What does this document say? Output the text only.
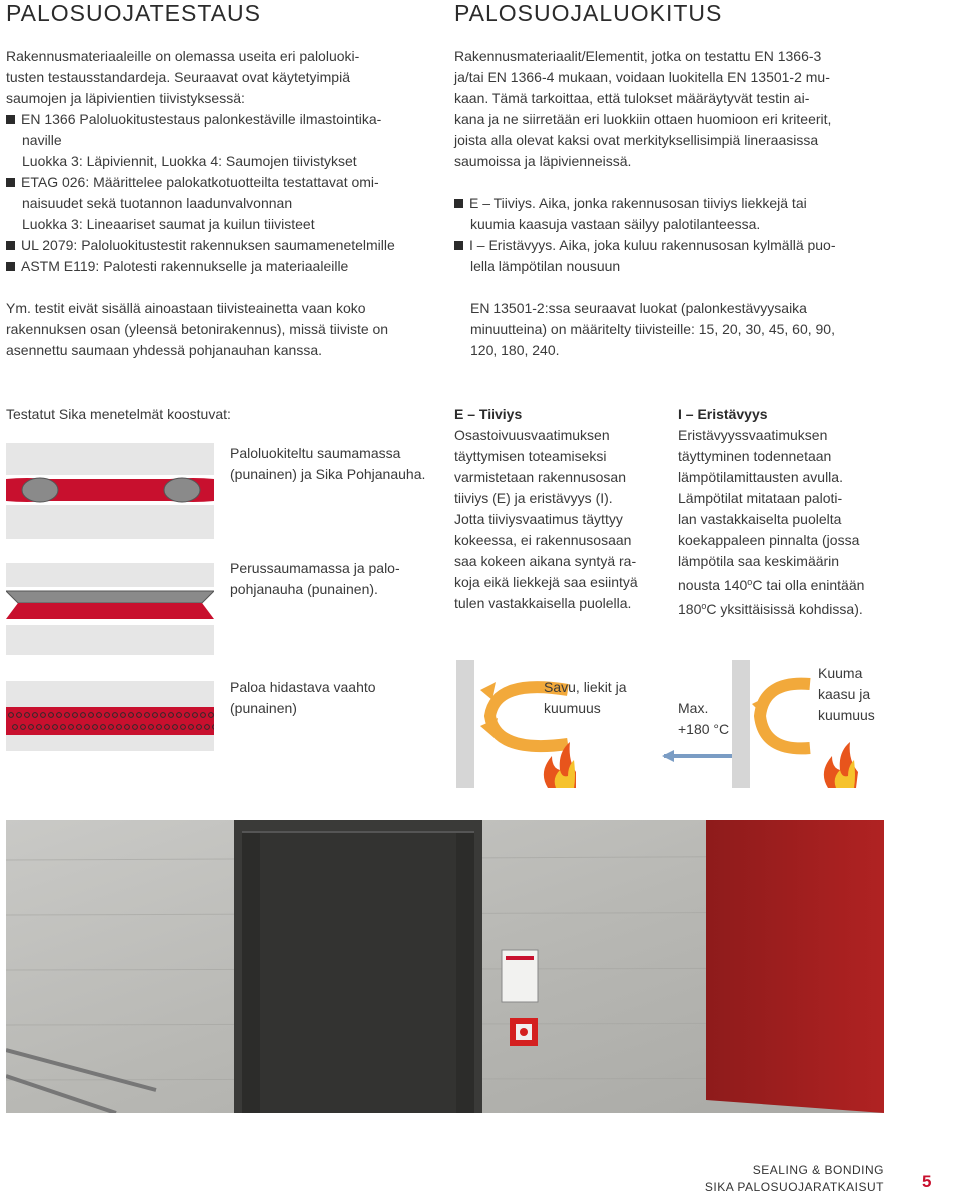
PALOSUOJATESTAUS
Rakennusmateriaaleille on olemassa useita eri paloluoki-
tusten testausstandardeja. Seuraavat ovat käytetyimpiä
saumojen ja läpivientien tiivistyksessä:
EN 1366 Paloluokitustestaus palonkestäville ilmastointika-
naville
Luokka 3: Läpiviennit, Luokka 4: Saumojen tiivistykset
ETAG 026: Määrittelee palokatkotuotteilta testattavat omi-
naisuudet sekä tuotannon laadunvalvonnan
Luokka 3: Lineaariset saumat ja kuilun tiivisteet
UL 2079: Paloluokitustestit rakennuksen saumamenetelmille
ASTM E119: Palotesti rakennukselle ja materiaaleille
Ym. testit eivät sisällä ainoastaan tiivisteainetta vaan koko
rakennuksen osan (yleensä betonirakennus), missä tiiviste on
asennettu saumaan yhdessä pohjanauhan kanssa.
PALOSUOJALUOKITUS
Rakennusmateriaalit/Elementit, jotka on testattu EN 1366-3
ja/tai EN 1366-4 mukaan, voidaan luokitella EN 13501-2 mu-
kaan. Tämä tarkoittaa, että tulokset määräytyvät testin ai-
kana ja ne siirretään eri luokkiin ottaen huomioon eri kriteerit,
joista alla olevat kaksi ovat merkityksellisimpiä lineraasissa
saumoissa ja läpivienneissä.
E – Tiiviys. Aika, jonka rakennusosan tiiviys liekkejä tai
kuumia kaasuja vastaan säilyy palotilanteessa.
I – Eristävyys. Aika, joka kuluu rakennusosan kylmällä puo-
lella lämpötilan nousuun
EN 13501-2:ssa seuraavat luokat (palonkestävyysaika
minuutteina) on määritelty tiivisteille: 15, 20, 30, 45, 60, 90,
120, 180, 240.
Testatut Sika menetelmät koostuvat:
Paloluokiteltu saumamassa
(punainen) ja Sika Pohjanauha.
Perussaumamassa ja palo-
pohjanauha (punainen).
Paloa hidastava vaahto
(punainen)
E – Tiiviys
Osastoivuusvaatimuksen
täyttymisen toteamiseksi
varmistetaan rakennusosan
tiiviys (E) ja eristävyys (I).
Jotta tiiviysvaatimus täyttyy
kokeessa, ei rakennusosaan
saa kokeen aikana syntyä ra-
koja eikä liekkejä saa esiintyä
tulen vastakkaisella puolella.
I – Eristävyys
Eristävyyssvaatimuksen
täyttyminen todennetaan
lämpötilamittausten avulla.
Lämpötilat mitataan paloti-
lan vastakkaiselta puolelta
koekappaleen pinnalta (jossa
lämpötila saa keskimäärin
nousta 140$^o$C tai olla enintään
180$^o$C yksittäisissä kohdissa).
Savu, liekit ja
kuumuus	Max.
+180 °C
Kuuma
kaasu ja
kuumuus
SEALING & BONDING
SIKA PALOSUOJARATKAISUT 5
